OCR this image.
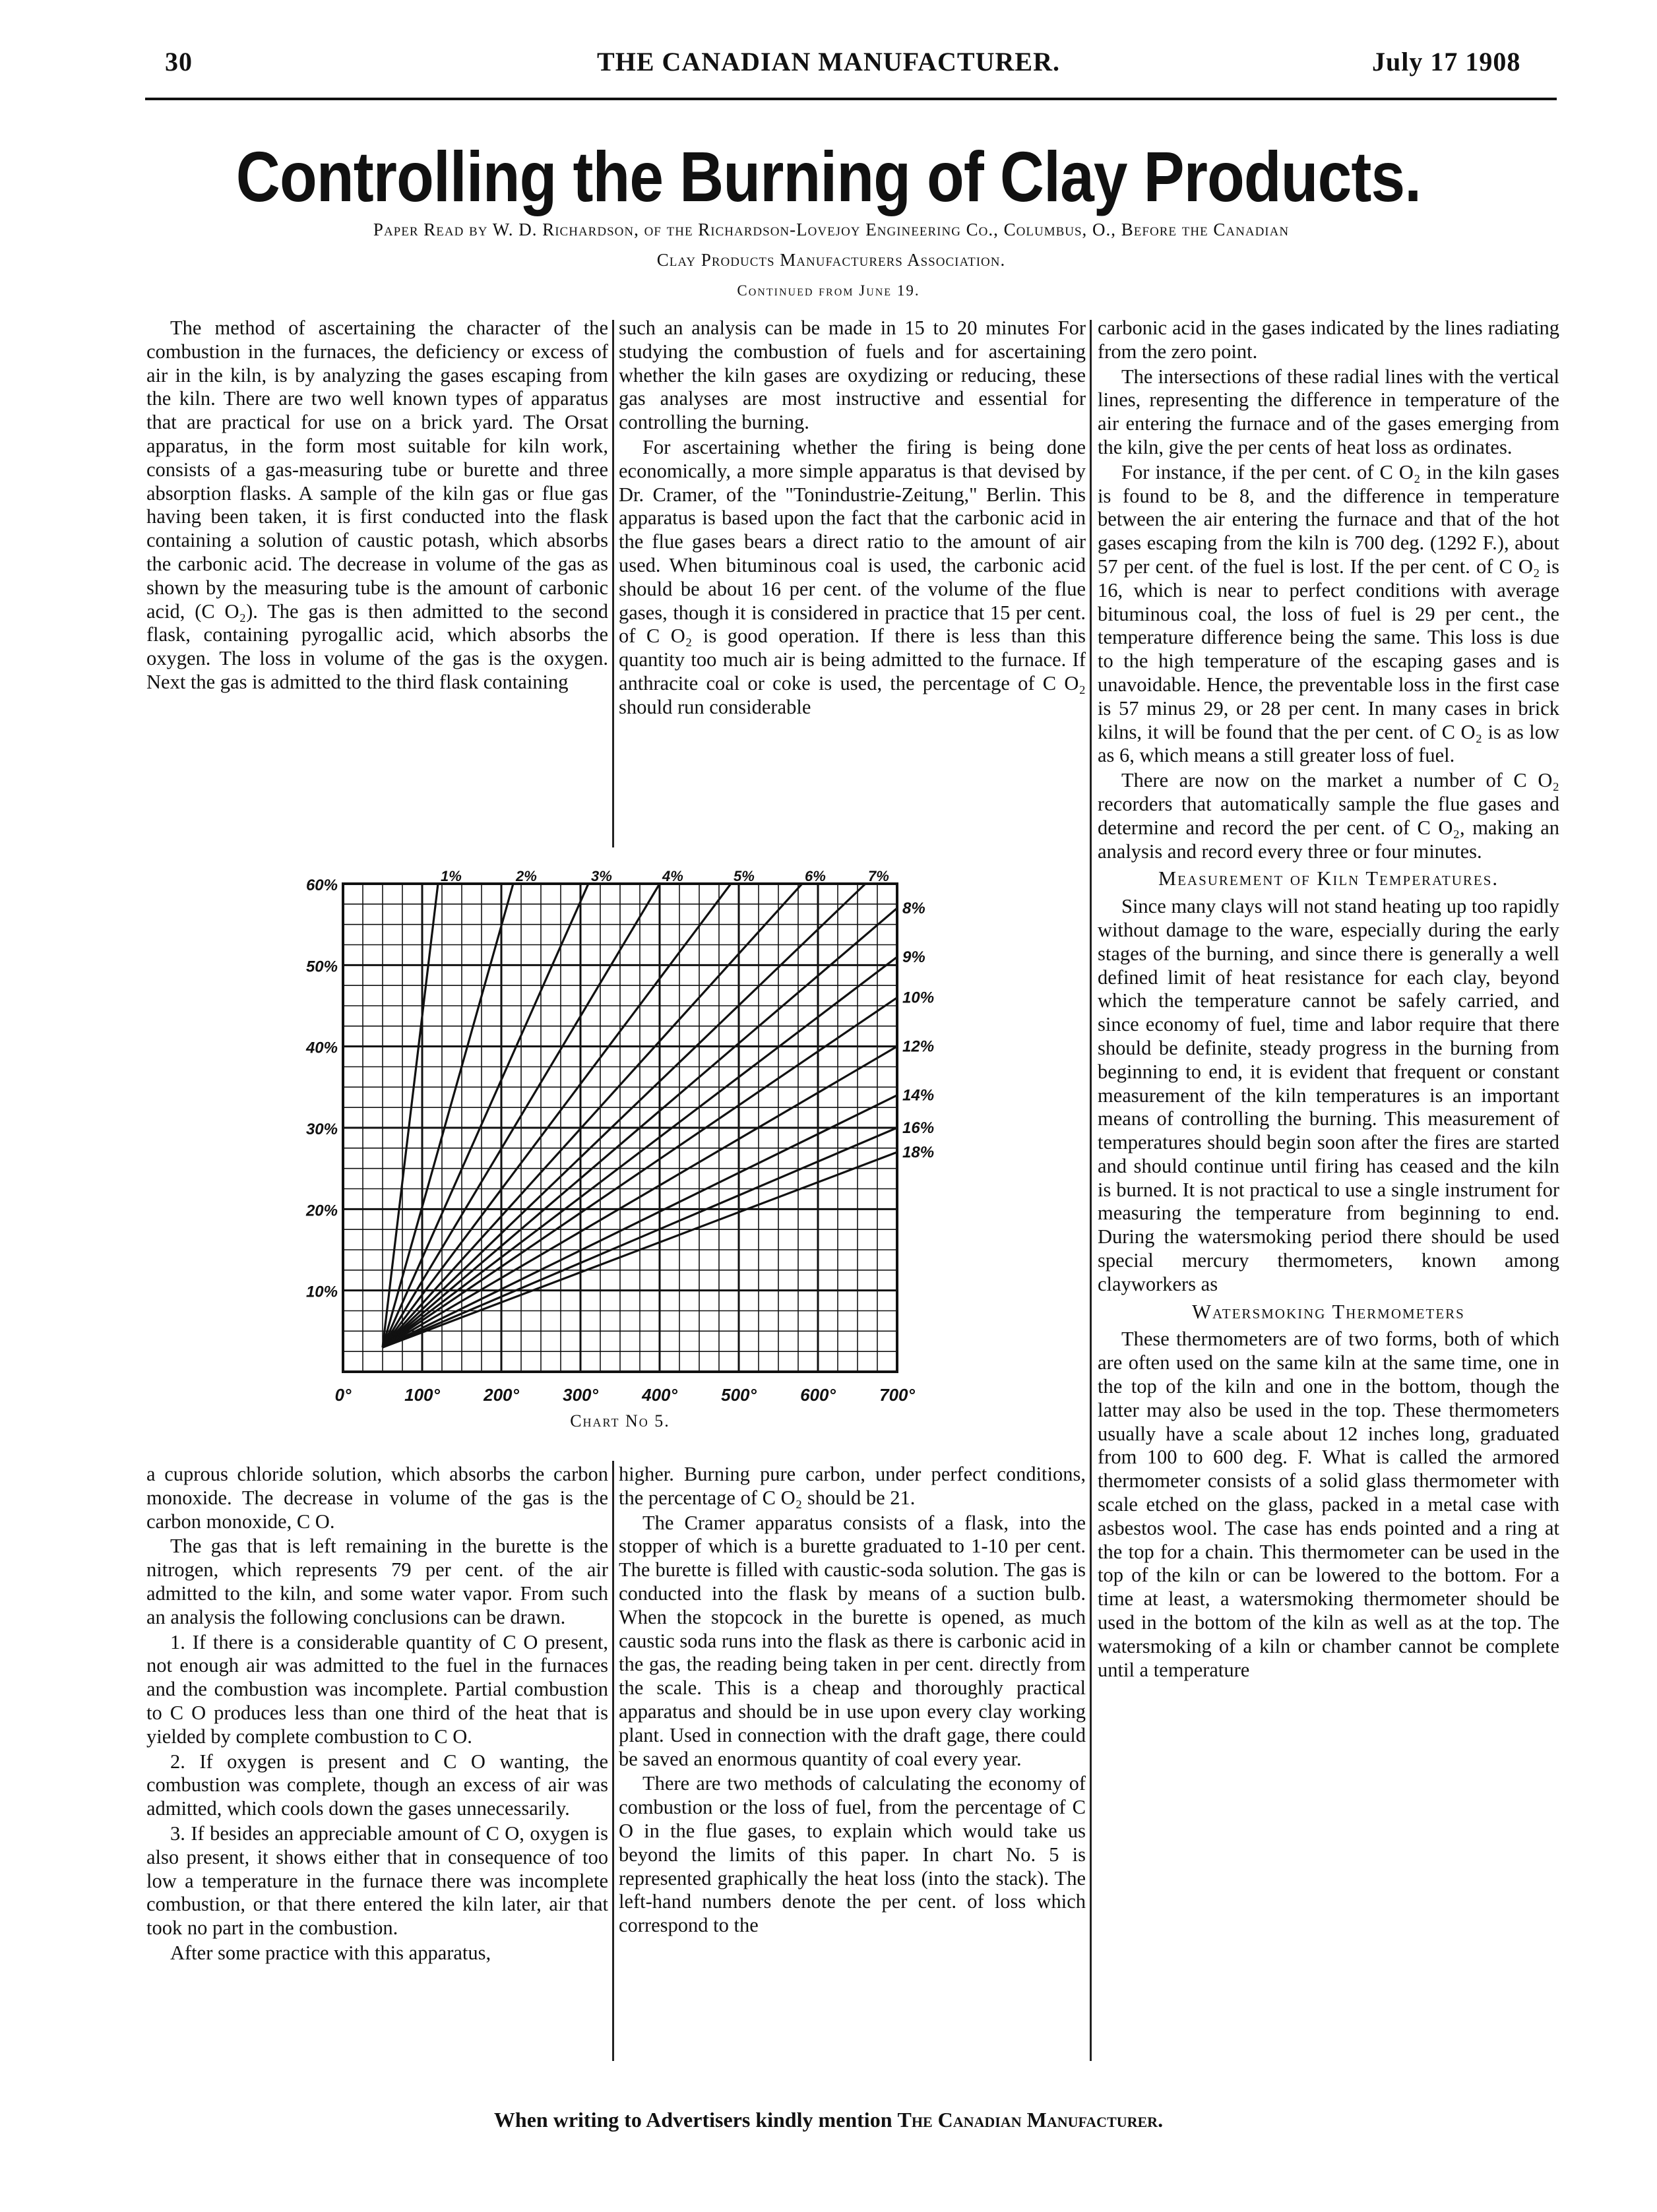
30	THE CANADIAN MANUFACTURER.	July 17 1908
Controlling the Burning of Clay Products.
Paper Read by W. D. Richardson, of the Richardson-Lovejoy Engineering Co., Columbus, O., Before the Canadian
Clay Products Manufacturers Association.
Continued from June 19.

The method of ascertaining the character of the combustion in the furnaces, the deficiency or excess of air in the kiln, is by analyzing the gases escaping from the kiln. There are two well known types of apparatus that are practical for use on a brick yard. The Orsat apparatus, in the form most suitable for kiln work, consists of a gas-measuring tube or burette and three absorption flasks. A sample of the kiln gas or flue gas having been taken, it is first conducted into the flask containing a solution of caustic potash, which absorbs the carbonic acid. The decrease in volume of the gas as shown by the measuring tube is the amount of carbonic acid, (C O₂). The gas is then admitted to the second flask, containing pyrogallic acid, which absorbs the oxygen. The loss in volume of the gas is the oxygen. Next the gas is admitted to the third flask containing

such an analysis can be made in 15 to 20 minutes For studying the combustion of fuels and for ascertaining whether the kiln gases are oxydizing or reducing, these gas analyses are most instructive and essential for controlling the burning.

For ascertaining whether the firing is being done economically, a more simple apparatus is that devised by Dr. Cramer, of the "Tonindustrie-Zeitung," Berlin. This apparatus is based upon the fact that the carbonic acid in the flue gases bears a direct ratio to the amount of air used. When bituminous coal is used, the carbonic acid should be about 16 per cent. of the volume of the flue gases, though it is considered in practice that 15 per cent. of C O₂ is good operation. If there is less than this quantity too much air is being admitted to the furnace. If anthracite coal or coke is used, the percentage of C O₂ should run considerable

carbonic acid in the gases indicated by the lines radiating from the zero point.

The intersections of these radial lines with the vertical lines, representing the difference in temperature of the air entering the furnace and of the gases emerging from the kiln, give the per cents of heat loss as ordinates.

For instance, if the per cent. of C O₂ in the kiln gases is found to be 8, and the difference in temperature between the air entering the furnace and that of the hot gases escaping from the kiln is 700 deg. (1292 F.), about 57 per cent. of the fuel is lost. If the per cent. of C O₂ is 16, which is near to perfect conditions with average bituminous coal, the loss of fuel is 29 per cent., the temperature difference being the same. This loss is due to the high temperature of the escaping gases and is unavoidable. Hence, the preventable loss in the first case is 57 minus 29, or 28 per cent. In many cases in brick kilns, it will be found that the per cent. of C O₂ is as low as 6, which means a still greater loss of fuel.

There are now on the market a number of C O₂ recorders that automatically sample the flue gases and determine and record the per cent. of C O₂, making an analysis and record every three or four minutes.

Measurement of Kiln Temperatures.

Since many clays will not stand heating up too rapidly without damage to the ware, especially during the early stages of the burning, and since there is generally a well defined limit of heat resistance for each clay, beyond which the temperature cannot be safely carried, and since economy of fuel, time and labor require that there should be definite, steady progress in the burning from beginning to end, it is evident that frequent or constant measurement of the kiln temperatures is an important means of controlling the burning. This measurement of temperatures should begin soon after the fires are started and should continue until firing has ceased and the kiln is burned. It is not practical to use a single instrument for measuring the temperature from beginning to end. During the watersmoking period there should be used special mercury thermometers, known among clayworkers as

Watersmoking Thermometers

These thermometers are of two forms, both of which are often used on the same kiln at the same time, one in the top of the kiln and one in the bottom, though the latter may also be used in the top. These thermometers usually have a scale about 12 inches long, graduated from 100 to 600 deg. F. What is called the armored thermometer consists of a solid glass thermometer with scale etched on the glass, packed in a metal case with asbestos wool. The case has ends pointed and a ring at the top for a chain. This thermometer can be used in the top of the kiln or can be lowered to the bottom. For a time at least, a watersmoking thermometer should be used in the bottom of the kiln as well as at the top. The watersmoking of a kiln or chamber cannot be complete until a temperature

60%
50%
40%
30%
20%
10%
0°	100°	200°	300°	400°	500°	600°	700°
1%	2%	3%	4%	5%	6%	7%
8%
9%
10%
12%
14%
16%
18%
Chart No 5.

a cuprous chloride solution, which absorbs the carbon monoxide. The decrease in volume of the gas is the carbon monoxide, C O.

The gas that is left remaining in the burette is the nitrogen, which represents 79 per cent. of the air admitted to the kiln, and some water vapor. From such an analysis the following conclusions can be drawn.

1. If there is a considerable quantity of C O present, not enough air was admitted to the fuel in the furnaces and the combustion was incomplete. Partial combustion to C O produces less than one third of the heat that is yielded by complete combustion to C O.

2. If oxygen is present and C O wanting, the combustion was complete, though an excess of air was admitted, which cools down the gases unnecessarily.

3. If besides an appreciable amount of C O, oxygen is also present, it shows either that in consequence of too low a temperature in the furnace there was incomplete combustion, or that there entered the kiln later, air that took no part in the combustion.

After some practice with this apparatus,

higher. Burning pure carbon, under perfect conditions, the percentage of C O₂ should be 21.

The Cramer apparatus consists of a flask, into the stopper of which is a burette graduated to 1-10 per cent. The burette is filled with caustic-soda solution. The gas is conducted into the flask by means of a suction bulb. When the stopcock in the burette is opened, as much caustic soda runs into the flask as there is carbonic acid in the gas, the reading being taken in per cent. directly from the scale. This is a cheap and thoroughly practical apparatus and should be in use upon every clay working plant. Used in connection with the draft gage, there could be saved an enormous quantity of coal every year.

There are two methods of calculating the economy of combustion or the loss of fuel, from the percentage of C O in the flue gases, to explain which would take us beyond the limits of this paper. In chart No. 5 is represented graphically the heat loss (into the stack). The left-hand numbers denote the per cent. of loss which correspond to the

When writing to Advertisers kindly mention The Canadian Manufacturer.
